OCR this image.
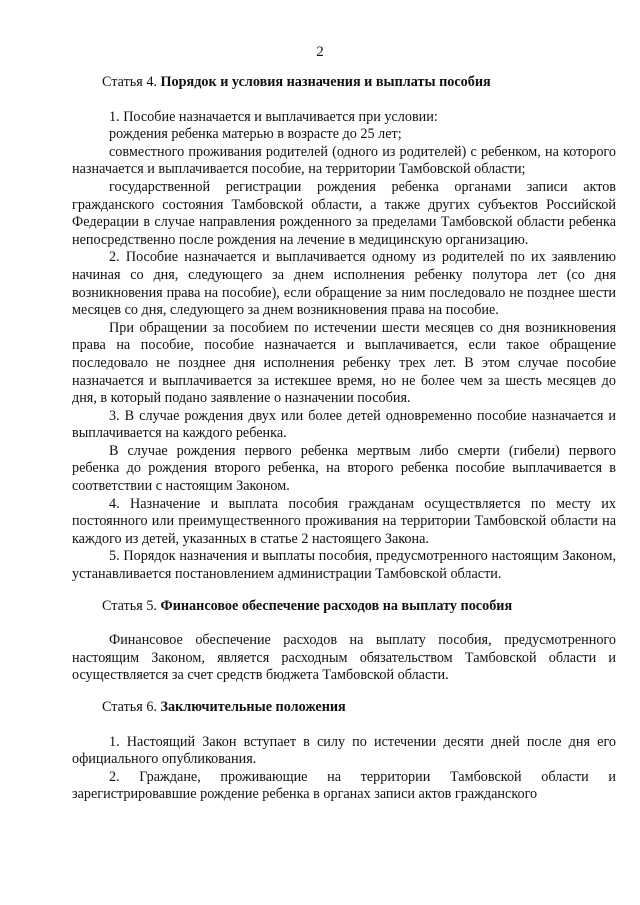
2

Статья 4. Порядок и условия назначения и выплаты пособия

1. Пособие назначается и выплачивается при условии:

рождения ребенка матерью в возрасте до 25 лет;

совместного проживания родителей (одного из родителей) с ребенком, на которого назначается и выплачивается пособие, на территории Тамбовской области;

государственной регистрации рождения ребенка органами записи актов гражданского состояния Тамбовской области, а также других субъектов Российской Федерации в случае направления рожденного за пределами Тамбовской области ребенка непосредственно после рождения на лечение в медицинскую организацию.

2. Пособие назначается и выплачивается одному из родителей по их заявлению начиная со дня, следующего за днем исполнения ребенку полутора лет (со дня возникновения права на пособие), если обращение за ним последовало не позднее шести месяцев со дня, следующего за днем возникновения права на пособие.

При обращении за пособием по истечении шести месяцев со дня возникновения права на пособие, пособие назначается и выплачивается, если такое обращение последовало не позднее дня исполнения ребенку трех лет. В этом случае пособие назначается и выплачивается за истекшее время, но не более чем за шесть месяцев до дня, в который подано заявление о назначении пособия.

3. В случае рождения двух или более детей одновременно пособие назначается и выплачивается на каждого ребенка.

В случае рождения первого ребенка мертвым либо смерти (гибели) первого ребенка до рождения второго ребенка, на второго ребенка пособие выплачивается в соответствии с настоящим Законом.

4. Назначение и выплата пособия гражданам осуществляется по месту их постоянного или преимущественного проживания на территории Тамбовской области на каждого из детей, указанных в статье 2 настоящего Закона.

5. Порядок назначения и выплаты пособия, предусмотренного настоящим Законом, устанавливается постановлением администрации Тамбовской области.

Статья 5. Финансовое обеспечение расходов на выплату пособия

Финансовое обеспечение расходов на выплату пособия, предусмотренного настоящим Законом, является расходным обязательством Тамбовской области и осуществляется за счет средств бюджета Тамбовской области.

Статья 6. Заключительные положения

1. Настоящий Закон вступает в силу по истечении десяти дней после дня его официального опубликования.

2. Граждане, проживающие на территории Тамбовской области и зарегистрировавшие рождение ребенка в органах записи актов гражданского
